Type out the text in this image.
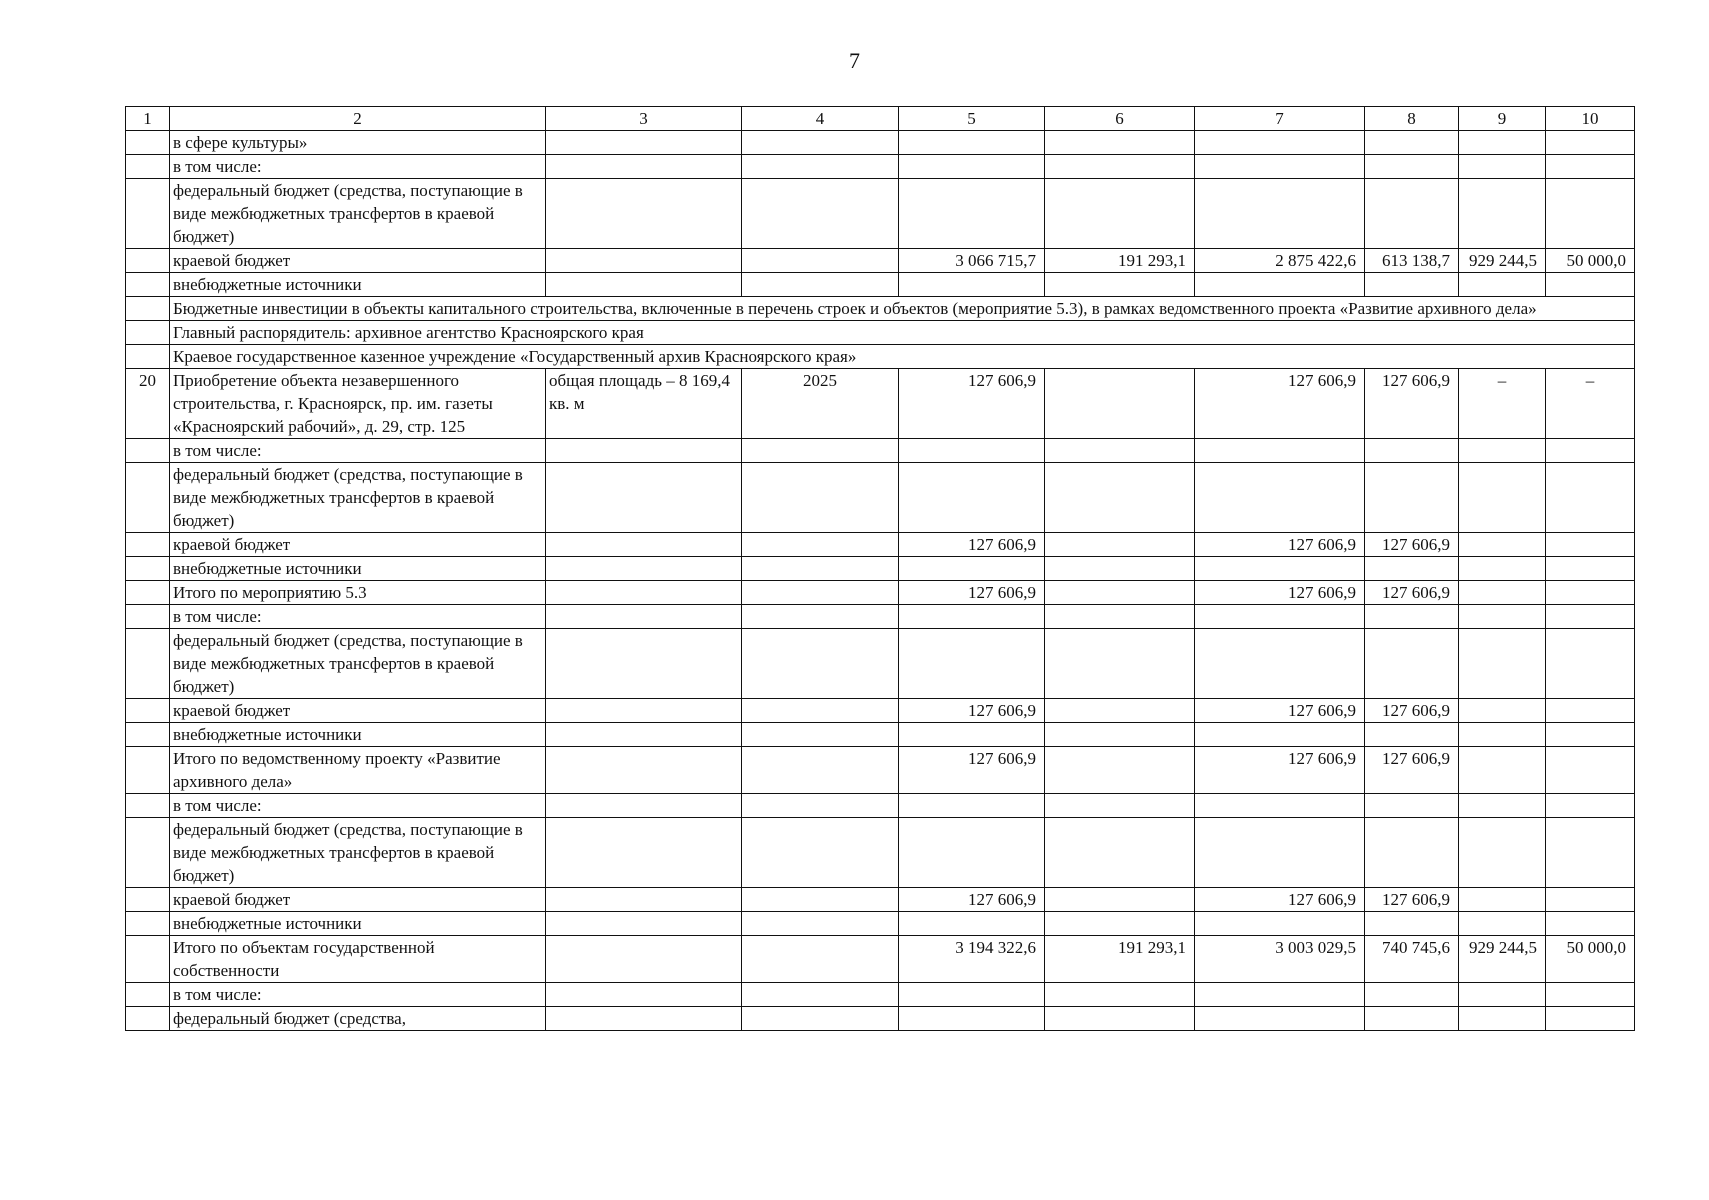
7
1	2	3	4	5	6	7	8	9	10
	в сфере культуры»								
	в том числе:								
	федеральный бюджет (средства, поступающие в виде межбюджетных трансфертов в краевой бюджет)								
	краевой бюджет			3 066 715,7	191 293,1	2 875 422,6	613 138,7	929 244,5	50 000,0
	внебюджетные источники								
	Бюджетные инвестиции в объекты капитального строительства, включенные в перечень строек и объектов (мероприятие 5.3), в рамках ведомственного проекта «Развитие архивного дела»								
	Главный распорядитель: архивное агентство Красноярского края								
	Краевое государственное казенное учреждение «Государственный архив Красноярского края»								
20	Приобретение объекта незавершенного строительства, г. Красноярск, пр. им. газеты «Красноярский рабочий», д. 29, стр. 125	общая площадь – 8 169,4 кв. м	2025	127 606,9		127 606,9	127 606,9	–	–
	в том числе:								
	федеральный бюджет (средства, поступающие в виде межбюджетных трансфертов в краевой бюджет)								
	краевой бюджет			127 606,9		127 606,9	127 606,9		
	внебюджетные источники								
	Итого по мероприятию 5.3			127 606,9		127 606,9	127 606,9		
	в том числе:								
	федеральный бюджет (средства, поступающие в виде межбюджетных трансфертов в краевой бюджет)								
	краевой бюджет			127 606,9		127 606,9	127 606,9		
	внебюджетные источники								
	Итого по ведомственному проекту «Развитие архивного дела»			127 606,9		127 606,9	127 606,9		
	в том числе:								
	федеральный бюджет (средства, поступающие в виде межбюджетных трансфертов в краевой бюджет)								
	краевой бюджет			127 606,9		127 606,9	127 606,9		
	внебюджетные источники								
	Итого по объектам государственной собственности			3 194 322,6	191 293,1	3 003 029,5	740 745,6	929 244,5	50 000,0
	в том числе:								
	федеральный бюджет (средства,								
